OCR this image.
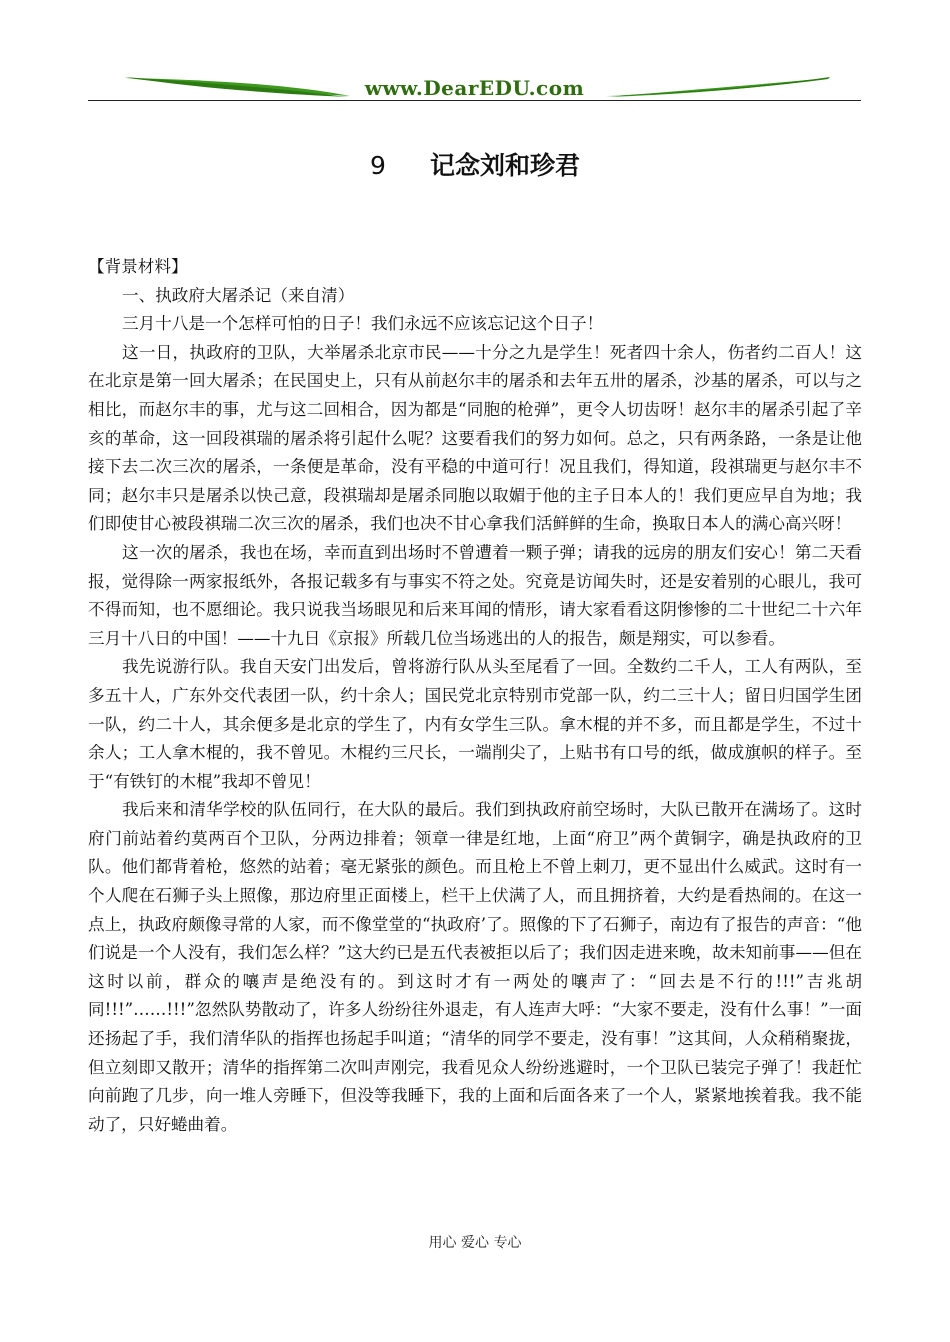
www.DearEDU.com
9 记念刘和珍君

【背景材料】

一、执政府大屠杀记（来自清）

三月十八是一个怎样可怕的日子！我们永远不应该忘记这个日子！

这一日，执政府的卫队，大举屠杀北京市民——十分之九是学生！死者四十余人，伤者约二百人！这在北京是第一回大屠杀；在民国史上，只有从前赵尔丰的屠杀和去年五卅的屠杀，沙基的屠杀，可以与之相比，而赵尔丰的事，尤与这二回相合，因为都是“同胞的枪弹”，更令人切齿呀！赵尔丰的屠杀引起了辛亥的革命，这一回段祺瑞的屠杀将引起什么呢？这要看我们的努力如何。总之，只有两条路，一条是让他接下去二次三次的屠杀，一条便是革命，没有平稳的中道可行！况且我们，得知道，段祺瑞更与赵尔丰不同；赵尔丰只是屠杀以快己意，段祺瑞却是屠杀同胞以取媚于他的主子日本人的！我们更应早自为地；我们即使甘心被段祺瑞二次三次的屠杀，我们也决不甘心拿我们活鲜鲜的生命，换取日本人的满心高兴呀！

这一次的屠杀，我也在场，幸而直到出场时不曾遭着一颗子弹；请我的远房的朋友们安心！第二天看报，觉得除一两家报纸外，各报记载多有与事实不符之处。究竟是访闻失时，还是安着别的心眼儿，我可不得而知，也不愿细论。我只说我当场眼见和后来耳闻的情形，请大家看看这阴惨惨的二十世纪二十六年三月十八日的中国！——十九日《京报》所载几位当场逃出的人的报告，颇是翔实，可以参看。

我先说游行队。我自天安门出发后，曾将游行队从头至尾看了一回。全数约二千人，工人有两队，至多五十人，广东外交代表团一队，约十余人；国民党北京特别市党部一队，约二三十人；留日归国学生团一队，约二十人，其余便多是北京的学生了，内有女学生三队。拿木棍的并不多，而且都是学生，不过十余人；工人拿木棍的，我不曾见。木棍约三尺长，一端削尖了，上贴书有口号的纸，做成旗帜的样子。至于“有铁钉的木棍”我却不曾见！

我后来和清华学校的队伍同行，在大队的最后。我们到执政府前空场时，大队已散开在满场了。这时府门前站着约莫两百个卫队，分两边排着；领章一律是红地，上面“府卫”两个黄铜字，确是执政府的卫队。他们都背着枪，悠然的站着；毫无紧张的颜色。而且枪上不曾上刺刀，更不显出什么威武。这时有一个人爬在石狮子头上照像，那边府里正面楼上，栏干上伏满了人，而且拥挤着，大约是看热闹的。在这一点上，执政府颇像寻常的人家，而不像堂堂的“执政府’了。照像的下了石狮子，南边有了报告的声音：“他们说是一个人没有，我们怎么样？”这大约已是五代表被拒以后了；我们因走进来晚，故未知前事——但在这时以前，群众的嚷声是绝没有的。到这时才有一两处的嚷声了：“回去是不行的!!!”吉兆胡同!!!”……!!!”忽然队势散动了，许多人纷纷往外退走，有人连声大呼：“大家不要走，没有什么事！”一面还扬起了手，我们清华队的指挥也扬起手叫道；“清华的同学不要走，没有事！”这其间，人众稍稍聚拢，但立刻即又散开；清华的指挥第二次叫声刚完，我看见众人纷纷逃避时，一个卫队已装完子弹了！我赶忙向前跑了几步，向一堆人旁睡下，但没等我睡下，我的上面和后面各来了一个人，紧紧地挨着我。我不能动了，只好蜷曲着。

用心 爱心 专心
